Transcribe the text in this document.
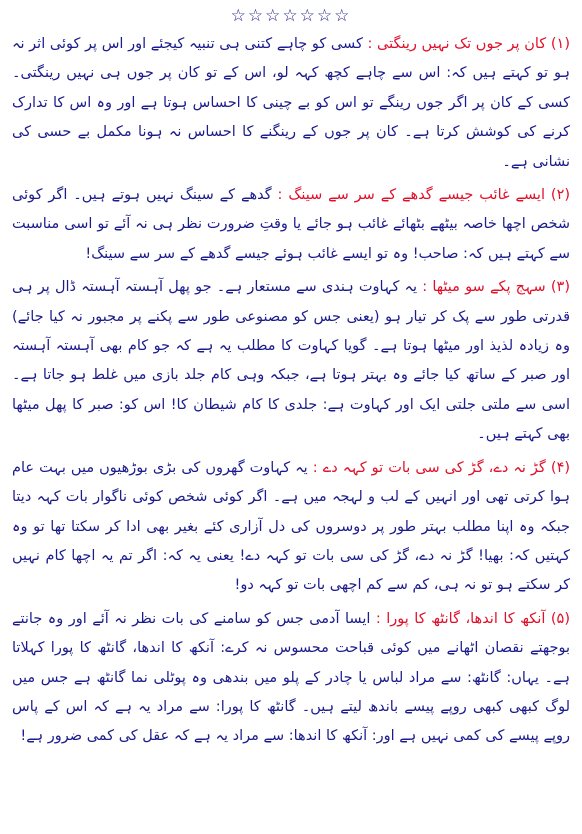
☆☆☆☆☆☆☆

(۱) کان پر جوں تک نہیں رینگتی : کسی کو چاہے کتنی ہی تنبیہ کیجئے اور اس پر کوئی اثر نہ ہو تو کہتے ہیں کہ: اس سے چاہے کچھ کہہ لو، اس کے تو کان پر جوں ہی نہیں رینگتی۔ کسی کے کان پر اگر جوں رینگے تو اس کو بے چینی کا احساس ہوتا ہے اور وہ اس کا تدارک کرنے کی کوشش کرتا ہے۔ کان پر جوں کے رینگنے کا احساس نہ ہونا مکمل بے حسی کی نشانی ہے۔

(۲) ایسے غائب جیسے گدھے کے سر سے سینگ : گدھے کے سینگ نہیں ہوتے ہیں۔ اگر کوئی شخص اچھا خاصہ بیٹھے بٹھائے غائب ہو جائے یا وقتِ ضرورت نظر ہی نہ آئے تو اسی مناسبت سے کہتے ہیں کہ: صاحب! وہ تو ایسے غائب ہوئے جیسے گدھے کے سر سے سینگ!

(۳) سہج پکے سو میٹھا : یہ کہاوت ہندی سے مستعار ہے۔ جو پھل آہستہ آہستہ ڈال پر ہی قدرتی طور سے پک کر تیار ہو (یعنی جس کو مصنوعی طور سے پکنے پر مجبور نہ کیا جائے) وہ زیادہ لذیذ اور میٹھا ہوتا ہے۔ گویا کہاوت کا مطلب یہ ہے کہ جو کام بھی آہستہ آہستہ اور صبر کے ساتھ کیا جائے وہ بہتر ہوتا ہے، جبکہ وہی کام جلد بازی میں غلط ہو جاتا ہے۔ اسی سے ملتی جلتی ایک اور کہاوت ہے: جلدی کا کام شیطان کا! اس کو: صبر کا پھل میٹھا بھی کہتے ہیں۔

(۴) گڑ نہ دے، گڑ کی سی بات تو کہہ دے : یہ کہاوت گھروں کی بڑی بوڑھیوں میں بہت عام ہوا کرتی تھی اور انہیں کے لب و لہجہ میں ہے۔ اگر کوئی شخص کوئی ناگوار بات کہہ دیتا جبکہ وہ اپنا مطلب بہتر طور پر دوسروں کی دل آزاری کئے بغیر بھی ادا کر سکتا تھا تو وہ کہتیں کہ: بھیا! گڑ نہ دے، گڑ کی سی بات تو کہہ دے! یعنی یہ کہ: اگر تم یہ اچھا کام نہیں کر سکتے ہو تو نہ ہی، کم سے کم اچھی بات تو کہہ دو!

(۵) آنکھ کا اندھا، گانٹھ کا پورا : ایسا آدمی جس کو سامنے کی بات نظر نہ آئے اور وہ جانتے بوجھتے نقصان اٹھانے میں کوئی قباحت محسوس نہ کرے: آنکھ کا اندھا، گانٹھ کا پورا کہلاتا ہے۔ یہاں: گانٹھ: سے مراد لباس یا چادر کے پلو میں بندھی وہ پوٹلی نما گانٹھ ہے جس میں لوگ کبھی کبھی روپے پیسے باندھ لیتے ہیں۔ گانٹھ کا پورا: سے مراد یہ ہے کہ اس کے پاس روپے پیسے کی کمی نہیں ہے اور: آنکھ کا اندھا: سے مراد یہ ہے کہ عقل کی کمی ضرور ہے!
